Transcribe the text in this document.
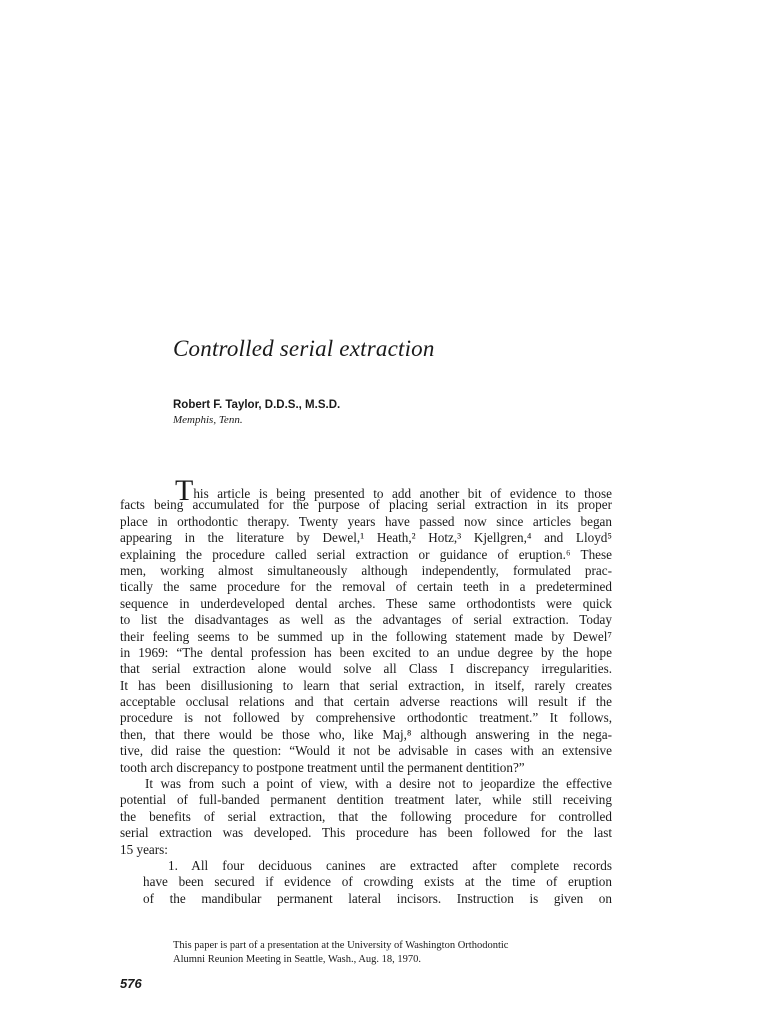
Controlled serial extraction
Robert F. Taylor, D.D.S., M.S.D.
Memphis, Tenn.
This article is being presented to add another bit of evidence to those
facts being accumulated for the purpose of placing serial extraction in its proper
place in orthodontic therapy. Twenty years have passed now since articles began
appearing in the literature by Dewel,¹ Heath,² Hotz,³ Kjellgren,⁴ and Lloyd⁵
explaining the procedure called serial extraction or guidance of eruption.⁶ These
men, working almost simultaneously although independently, formulated prac-
tically the same procedure for the removal of certain teeth in a predetermined
sequence in underdeveloped dental arches. These same orthodontists were quick
to list the disadvantages as well as the advantages of serial extraction. Today
their feeling seems to be summed up in the following statement made by Dewel⁷
in 1969: “The dental profession has been excited to an undue degree by the hope
that serial extraction alone would solve all Class I discrepancy irregularities.
It has been disillusioning to learn that serial extraction, in itself, rarely creates
acceptable occlusal relations and that certain adverse reactions will result if the
procedure is not followed by comprehensive orthodontic treatment.” It follows,
then, that there would be those who, like Maj,⁸ although answering in the nega-
tive, did raise the question: “Would it not be advisable in cases with an extensive
tooth arch discrepancy to postpone treatment until the permanent dentition?”
It was from such a point of view, with a desire not to jeopardize the effective
potential of full-banded permanent dentition treatment later, while still receiving
the benefits of serial extraction, that the following procedure for controlled
serial extraction was developed. This procedure has been followed for the last
15 years:
1. All four deciduous canines are extracted after complete records
have been secured if evidence of crowding exists at the time of eruption
of the mandibular permanent lateral incisors. Instruction is given on
This paper is part of a presentation at the University of Washington Orthodontic
Alumni Reunion Meeting in Seattle, Wash., Aug. 18, 1970.
576
